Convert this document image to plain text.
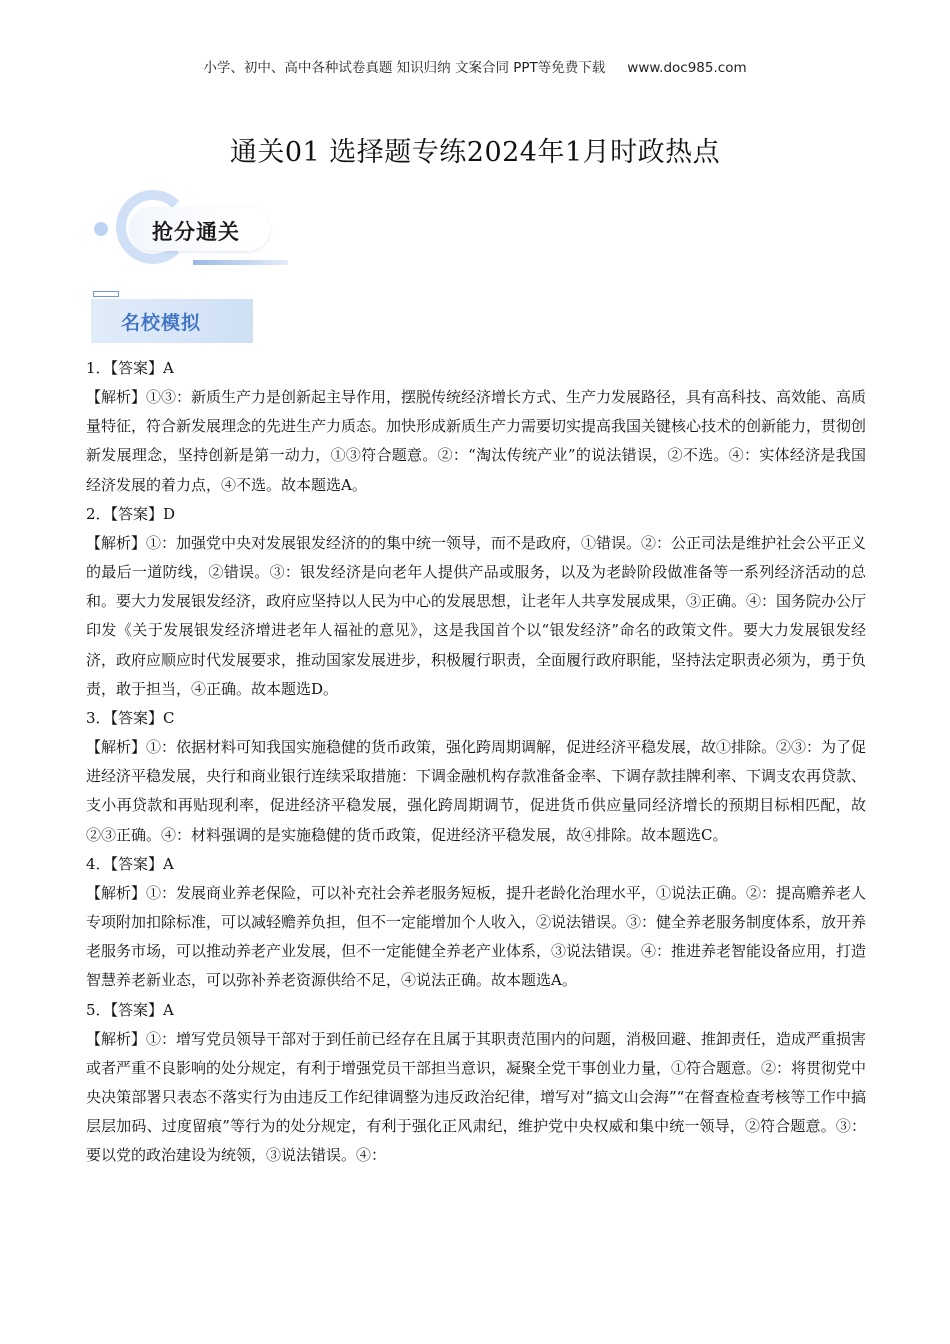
小学、初中、高中各种试卷真题 知识归纳 文案合同 PPT等免费下载 www.doc985.com
通关01 选择题专练2024年1月时政热点
抢分通关
名校模拟

1．【答案】A

【解析】①③：新质生产力是创新起主导作用，摆脱传统经济增长方式、生产力发展路径，具有高科技、高效能、高质量特征，符合新发展理念的先进生产力质态。加快形成新质生产力需要切实提高我国关键核心技术的创新能力，贯彻创新发展理念，坚持创新是第一动力，①③符合题意。②：“淘汰传统产业”的说法错误，②不选。④：实体经济是我国经济发展的着力点，④不选。故本题选A。

2．【答案】D

【解析】①：加强党中央对发展银发经济的的集中统一领导，而不是政府，①错误。②：公正司法是维护社会公平正义的最后一道防线，②错误。③：银发经济是向老年人提供产品或服务，以及为老龄阶段做准备等一系列经济活动的总和。要大力发展银发经济，政府应坚持以人民为中心的发展思想，让老年人共享发展成果，③正确。④：国务院办公厅印发《关于发展银发经济增进老年人福祉的意见》，这是我国首个以“银发经济”命名的政策文件。要大力发展银发经济，政府应顺应时代发展要求，推动国家发展进步，积极履行职责，全面履行政府职能，坚持法定职责必须为，勇于负责，敢于担当，④正确。故本题选D。

3．【答案】C

【解析】①：依据材料可知我国实施稳健的货币政策，强化跨周期调解，促进经济平稳发展，故①排除。②③：为了促进经济平稳发展，央行和商业银行连续采取措施：下调金融机构存款准备金率、下调存款挂牌利率、下调支农再贷款、支小再贷款和再贴现利率，促进经济平稳发展，强化跨周期调节，促进货币供应量同经济增长的预期目标相匹配，故②③正确。④：材料强调的是实施稳健的货币政策，促进经济平稳发展，故④排除。故本题选C。

4．【答案】A

【解析】①：发展商业养老保险，可以补充社会养老服务短板，提升老龄化治理水平，①说法正确。②：提高赡养老人专项附加扣除标准，可以减轻赡养负担，但不一定能增加个人收入，②说法错误。③：健全养老服务制度体系，放开养老服务市场，可以推动养老产业发展，但不一定能健全养老产业体系，③说法错误。④：推进养老智能设备应用，打造智慧养老新业态，可以弥补养老资源供给不足，④说法正确。故本题选A。

5．【答案】A

【解析】①：增写党员领导干部对于到任前已经存在且属于其职责范围内的问题，消极回避、推卸责任，造成严重损害或者严重不良影响的处分规定，有利于增强党员干部担当意识，凝聚全党干事创业力量，①符合题意。②：将贯彻党中央决策部署只表态不落实行为由违反工作纪律调整为违反政治纪律，增写对“搞文山会海”“在督查检查考核等工作中搞层层加码、过度留痕”等行为的处分规定，有利于强化正风肃纪，维护党中央权威和集中统一领导，②符合题意。③：要以党的政治建设为统领，③说法错误。④：
